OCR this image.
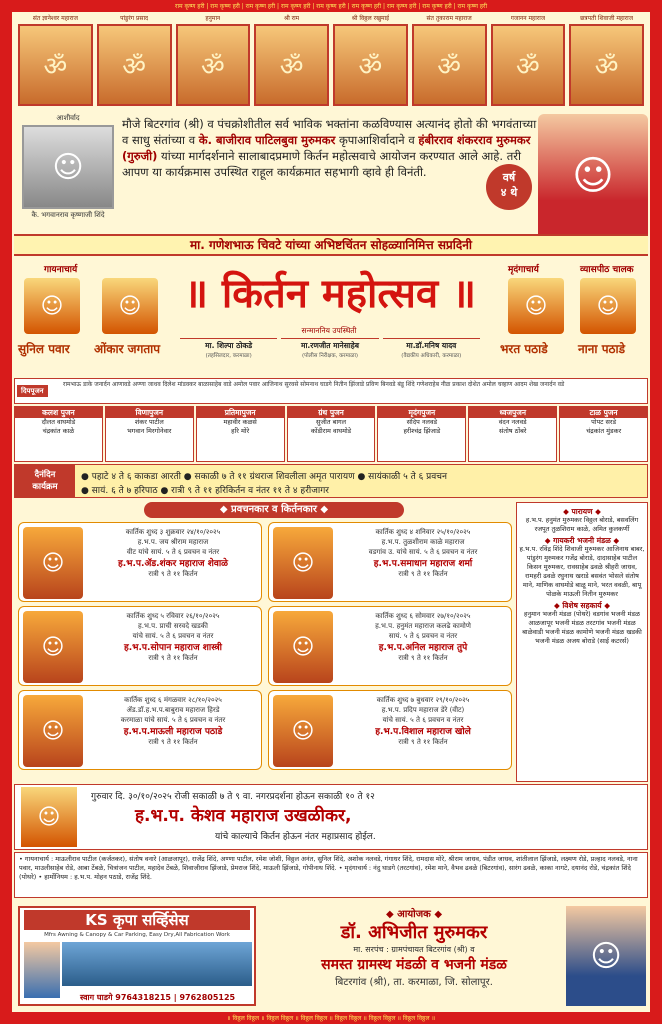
राम कृष्ण हरी | राम कृष्ण हरी | राम कृष्ण हरी | राम कृष्ण हरी | राम कृष्ण हरी | राम कृष्ण हरी | राम कृष्ण हरी | राम कृष्ण हरी | राम कृष्ण हरी
॥ विठ्ठल विठ्ठल ॥ विठ्ठल विठ्ठल ॥ विठ्ठल विठ्ठल ॥ विठ्ठल विठ्ठल ॥ विठ्ठल विठ्ठल ॥ विठ्ठल विठ्ठल ॥
संत ज्ञानेश्वर महाराज
ॐ
पांडुरंग प्रसाद
ॐ
हनुमान
ॐ
श्री राम
ॐ
श्री विठ्ठल रखुमाई
ॐ
संत तुकाराम महाराज
ॐ
गजानन महाराज
ॐ
छत्रपती शिवाजी महाराज
ॐ
आशीर्वाद
☺
कै. भगवानराव कृष्णाजी शिंदे
मौजे बिटरगांव (श्री) व पंचक्रोशीतील सर्व भाविक भक्तांना कळविण्यास अत्यानंद होतो की भगवंताच्या व साधु संतांच्या व के. बाजीराव पाटिलबुवा मुरुमकर कृपाआशिर्वादाने व हंबीरराव शंकरराव मुरुमकर (गुरुजी) यांच्या मार्गदर्शनाने सालाबादप्रमाणे किर्तन महोत्सवाचे आयोजन करण्यात आले आहे. तरी आपण या कार्यक्रमास उपस्थित राहूल कार्यक्रमात सहभागी व्हावे ही विनंती.	वर्ष
४ थे	☺
मा. गणेशभाऊ चिवटे यांच्या अभिष्टचिंतन सोहळ्यानिमित्त सप्रदिनी
गायनाचार्य
☺	☺
सुनिल पवार ओंकार जगताप
॥ किर्तन महोत्सव ॥
सन्माननिय उपस्थिती
मा. शिल्पा ठोकडे
(तहसिलदार, करमाळा)
मा.रणजीत मानेसाहेब
(पोलीस निरीक्षक, करमाळा)
मा.डॉ.मनिष यादव
(वैद्यकीय अधिकारी, करमाळा)
मृदंगाचार्य	व्यासपीठ चालक
☺	☺
भरत पठाडे	नाना पठाडे
दिपपूजन
रामभाऊ डाके जनार्दन आणावडे अण्णा जाधव दिलेश मांडवकर बाळासाहेब वाडे अमोल पवार आजिनाथ सुरवसे सोमनाथ घाडगे नितीन झिंजाडे प्रविण बिनवडे बंडू शिंदे गणेशराहेब नीळ प्रकाश दोशेत अमोल चव्हाण आदम शेख जनार्दन वडे
कलश पुजन
दौलत वाघमोडे
चंद्रकांत काळे
विणापुजन
शंकर पाटील
भगवान मिरगोनेवार
प्रतिमापुजन
महावीर कळसे
हरि मोरे
ग्रंथ पुजन
सुजीत बागल
कोंडीराम वाघमोडे
मृदंगपुजन
संदिप नलवडे
हरीश्चंद्र झिंजाडे
ध्वजपुजन
वंदन नलवडे
संतोष ठोंबरे
टाळ पुजन
पोपट सरडे
चंद्रकांत मुंडकर
दैनंदिन
कार्यक्रम
● पहाटे ४ ते ६ काकडा आरती ● सकाळी ७ ते ११ ग्रंथराज शिवलीला अमृत पारायण ● सायंकाळी ५ ते ६ प्रवचन
● सायं. ६ ते ७ हरिपाठ ● रात्री ९ ते ११ हरिकिर्तन व नंतर ११ ते ४ हरीजागर
◆ प्रवचनकार व किर्तनकार ◆
☺
कार्तिक शुध्द ३ शुक्रवार २४/१०/२०२५
ह.भ.प. जय श्रीराम महाराज
वीट यांचे सायं. ५ ते ६ प्रवचन व नंतर
ह.भ.प.ॲड.शंकर महाराज शेवाळे
रात्री ९ ते ११ किर्तन	☺
कार्तिक शुध्द ४ शनिवार २५/१०/२०२५
ह.भ.प. तुळशीराम काळे महाराज
वडगांव उ. यांचे सायं. ५ ते ६ प्रवचन व नंतर
ह.भ.प.समाधान महाराज शर्मा
रात्री ९ ते ११ किर्तन
☺
कार्तिक शुध्द ५ रविवार २६/१०/२०२५
ह.भ.प. प्राची सरवदे खडकी
यांचे सायं. ५ ते ६ प्रवचन व नंतर
ह.भ.प.सोपान महाराज शास्त्री
रात्री ९ ते ११ किर्तन	☺
कार्तिक शुध्द ६ सोमवार २७/१०/२०२५
ह.भ.प. हनुमंत महाराज कलढे कामोणे
सायं. ५ ते ६ प्रवचन व नंतर
ह.भ.प.अनिल महाराज तुपे
रात्री ९ ते ११ किर्तन
☺
कार्तिक शुध्द ६ मंगळवार २८/१०/२०२५
ॲड.डॉ.ह.भ.प.बाबुराव महाराज हिरडे
करमाळा यांचे सायं. ५ ते ६ प्रवचन व नंतर
ह.भ.प.माऊली महाराज पठाडे
रात्री ९ ते ११ किर्तन	☺
कार्तिक शुध्द ७ बुधवार २९/१०/२०२५
ह.भ.प. प्रदिप महाराज डेरे (वीट)
यांचे सायं. ५ ते ६ प्रवचन व नंतर
ह.भ.प.विशाल महाराज खोले
रात्री ९ ते ११ किर्तन
◆ पारायण ◆
ह.भ.प. हनुमंत मुरुमकर विठ्ठल बोराडे, बसवलिंग रजपूत तुळशिराम काळे, अमित कुलकर्णी
◆ गायकरी भजनी मंडळ ◆
ह.भ.प. रविंद्र शिंदे शिवाजी मुरुमकर आजिनाथ बाबर, पांडुरंग मुरुमकर गजेंद्र बोराडे, दादासाहेब पाटील किसन मुरुमकर, रावसाहेब ढवळे श्रीहरी जाधव, रामहरी ढवळे रघुनाथ खराडे बसवंत भोसले संतोष माने, माणिक वाघमोडे बाळू माने, भरत ववळी, बापू पोळके माऊली नितीन मुरुमकर
◆ विशेष सहकार्य ◆
हनुमान भजनी मंडळ (पोथरे) वडगांव भजनी मंडळ आळजापूर भजनी मंडळ तरटगांव भजनी मंडळ बाळेवाडी भजनी मंडळ कामोणे भजनी मंडळ खडकी भजनी मंडळ अजय बोराडे (साई कटरर्स)
☺
गुरुवार दि. ३०/१०/२०२५ रोजी सकाळी ७ ते ९ वा. नगरप्रदर्शना होऊन सकाळी १० ते १२
ह.भ.प. केशव महाराज उखळीकर,
यांचे काल्याचे किर्तन होऊन नंतर महाप्रसाद होईल.
• गायनाचार्य : माऊलीराव पाटील (कर्जतकर), संतोष वनारे (आळजापूर), राजेंद्र शिंदे, अण्णा पाटील, रमेश जोशी, विठ्ठल अनंत, सुनिल शिंदे, अशोक नलवडे, गंगाधर शिंदे, रामदास मोरे, श्रीराम जाधव, पंडीत जाधव, शांतीलाल झिंजाडे, लक्ष्मण रोडे, प्रल्हाद नलवडे, नाना पवार, माउलीसाहेब रोडे, आबा टेंबळे, चित्रांजन पाटील, महादेव टेंबळे, शिवाजीराव झिंजाडे, प्रेमराज शिंदे, माऊली झिंजाडे, गोपीनाथ शिंदे. • मृदंगाचार्य : नंदु घाडगे (तरटगांव), रमेश माने, वैभव ढवळे (बिटरगांव), सारंग ढवळे, काका नागटे, दयानंद रोडे, चंद्रकांत शिंदे (पोथरे) • हार्मोनियम : ह.भ.प. मोहन पठाडे, राजेंद्र शिंदे.
KS कृपा सर्व्हिसेस
Mfrs Awning & Canopy & Car Parking, Easy Dry,All Fabrication Work
स्वाग घाडगे 9764318215 | 9762805125
◆ आयोजक ◆
डॉ. अभिजीत मुरुमकर
मा. सरपंच : ग्रामपंचायत बिटरगांव (श्री) व
समस्त ग्रामस्थ मंडळी व भजनी मंडळ
बिटरगांव (श्री), ता. करमाळा, जि. सोलापूर.
☺
